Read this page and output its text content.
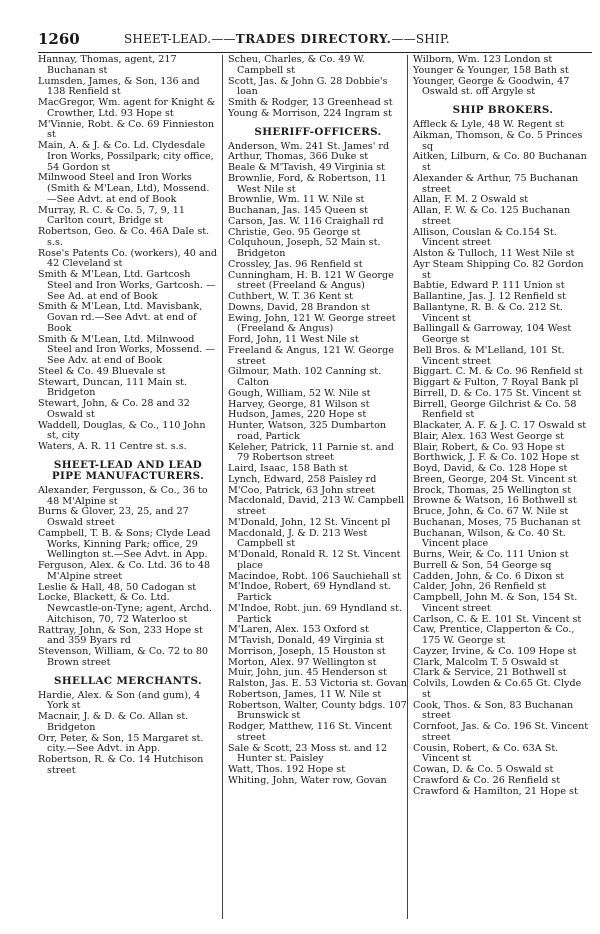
1260	SHEET-LEAD.——TRADES DIRECTORY.——SHIP.
Hannay, Thomas, agent, 217 Buchanan st
Lumsden, James, & Son, 136 and 138 Renfield st
MacGregor, Wm. agent for Knight & Crowther, Ltd. 93 Hope st
M'Vinnie, Robt. & Co. 69 Finnieston st
Main, A. & J. & Co. Ld. Clydesdale Iron Works, Possilpark; city office, 54 Gordon st
Milnwood Steel and Iron Works (Smith & M'Lean, Ltd), Mossend.—See Advt. at end of Book
Murray, R. C. & Co. 5, 7, 9, 11 Carlton court, Bridge st
Robertson, Geo. & Co. 46A Dale st. s.s.
Rose's Patents Co. (workers), 40 and 42 Cleveland st
Smith & M'Lean, Ltd. Gartcosh Steel and Iron Works, Gartcosh. —See Ad. at end of Book
Smith & M'Lean, Ltd. Mavisbank, Govan rd.—See Advt. at end of Book
Smith & M'Lean, Ltd. Milnwood Steel and Iron Works, Mossend. —See Adv. at end of Book
Steel & Co. 49 Bluevale st
Stewart, Duncan, 111 Main st. Bridgeton
Stewart, John, & Co. 28 and 32 Oswald st
Waddell, Douglas, & Co., 110 John st, city
Waters, A. R. 11 Centre st. s.s.
SHEET-LEAD AND LEAD PIPE MANUFACTURERS.
Alexander, Fergusson, & Co., 36 to 48 M'Alpine st
Burns & Glover, 23, 25, and 27 Oswald street
Campbell, T. B. & Sons; Clyde Lead Works, Kinning Park; office, 29 Wellington st.—See Advt. in App.
Ferguson, Alex. & Co. Ltd. 36 to 48 M'Alpine street
Leslie & Hall, 48, 50 Cadogan st
Locke, Blackett, & Co. Ltd. Newcastle-on-Tyne; agent, Archd. Aitchison, 70, 72 Waterloo st
Rattray, John, & Son, 233 Hope st and 359 Byars rd
Stevenson, William, & Co. 72 to 80 Brown street
SHELLAC MERCHANTS.
Hardie, Alex. & Son (and gum), 4 York st
Macnair, J. & D. & Co. Allan st. Bridgeton
Orr, Peter, & Son, 15 Margaret st. city.—See Advt. in App.
Robertson, R. & Co. 14 Hutchison street
Scheu, Charles, & Co. 49 W. Campbell st
Scott, Jas. & John G. 28 Dobbie's loan
Smith & Rodger, 13 Greenhead st
Young & Morrison, 224 Ingram st
SHERIFF-OFFICERS.
Anderson, Wm. 241 St. James' rd
Arthur, Thomas, 366 Duke st
Beale & M'Tavish, 49 Virginia st
Brownlie, Ford, & Robertson, 11 West Nile st
Brownlie, Wm. 11 W. Nile st
Buchanan, Jas. 145 Queen st
Carson, Jas. W. 116 Craighall rd
Christie, Geo. 95 George st
Colquhoun, Joseph, 52 Main st. Bridgeton
Crossley, Jas. 96 Renfield st
Cunningham, H. B. 121 W George street (Freeland & Angus)
Cuthbert, W. T. 36 Kent st
Downs, David, 28 Brandon st
Ewing, John, 121 W. George street (Freeland & Angus)
Ford, John, 11 West Nile st
Freeland & Angus, 121 W. George street
Gilmour, Math. 102 Canning st. Calton
Gough, William, 52 W. Nile st
Harvey, George, 81 Wilson st
Hudson, James, 220 Hope st
Hunter, Watson, 325 Dumbarton road, Partick
Keleher, Patrick, 11 Parnie st. and 79 Robertson street
Laird, Isaac, 158 Bath st
Lynch, Edward, 258 Paisley rd
M'Coo, Patrick, 63 John street
Macdonald, David, 213 W. Campbell street
M'Donald, John, 12 St. Vincent pl
Macdonald, J. & D. 213 West Campbell st
M'Donald, Ronald R. 12 St. Vincent place
Macindoe, Robt. 106 Sauchiehall st
M'Indoe, Robert, 69 Hyndland st. Partick
M'Indoe, Robt. jun. 69 Hyndland st. Partick
M'Laren, Alex. 153 Oxford st
M'Tavish, Donald, 49 Virginia st
Morrison, Joseph, 15 Houston st
Morton, Alex. 97 Wellington st
Muir, John, jun. 45 Henderson st
Ralston, Jas. E. 53 Victoria st. Govan
Robertson, James, 11 W. Nile st
Robertson, Walter, County bdgs. 107 Brunswick st
Rodger, Matthew, 116 St. Vincent street
Sale & Scott, 23 Moss st. and 12 Hunter st. Paisley
Watt, Thos. 192 Hope st
Whiting, John, Water row, Govan
Wilborn, Wm. 123 London st
Younger & Younger, 158 Bath st
Younger, George & Goodwin, 47 Oswald st. off Argyle st
SHIP BROKERS.
Affleck & Lyle, 48 W. Regent st
Aikman, Thomson, & Co. 5 Princes sq
Aitken, Lilburn, & Co. 80 Buchanan st
Alexander & Arthur, 75 Buchanan street
Allan, F. M. 2 Oswald st
Allan, F. W. & Co. 125 Buchanan street
Allison, Couslan & Co.154 St. Vincent street
Alston & Tulloch, 11 West Nile st
Ayr Steam Shipping Co. 82 Gordon st
Babtie, Edward P. 111 Union st
Ballantine, Jas. J. 12 Renfield st
Ballantyne, R. B. & Co. 212 St. Vincent st
Ballingall & Garroway, 104 West George st
Bell Bros. & M'Lelland, 101 St. Vincent street
Biggart. C. M. & Co. 96 Renfield st
Biggart & Fulton, 7 Royal Bank pl
Birrell, D. & Co. 175 St. Vincent st
Birrell, George Gilchrist & Co. 58 Renfield st
Blackater, A. F. & J. C. 17 Oswald st
Blair, Alex. 163 West George st
Blair, Robert, & Co. 93 Hope st
Borthwick, J. F. & Co. 102 Hope st
Boyd, David, & Co. 128 Hope st
Breen, George, 204 St. Vincent st
Brock, Thomas, 25 Wellington st
Browne & Watson, 16 Bothwell st
Bruce, John, & Co. 67 W. Nile st
Buchanan, Moses, 75 Buchanan st
Buchanan, Wilson, & Co. 40 St. Vincent place
Burns, Weir, & Co. 111 Union st
Burrell & Son, 54 George sq
Cadden, John, & Co. 6 Dixon st
Calder, John, 26 Renfield st
Campbell, John M. & Son, 154 St. Vincent street
Carlson, C. & E. 101 St. Vincent st
Caw, Prentice, Clapperton & Co., 175 W. George st
Cayzer, Irvine, & Co. 109 Hope st
Clark, Malcolm T. 5 Oswald st
Clark & Service, 21 Bothwell st
Colvils, Lowden & Co.65 Gt. Clyde st
Cook, Thos. & Son, 83 Buchanan street
Cornfoot, Jas. & Co. 196 St. Vincent street
Cousin, Robert, & Co. 63A St. Vincent st
Cowan, D. & Co. 5 Oswald st
Crawford & Co. 26 Renfield st
Crawford & Hamilton, 21 Hope st
